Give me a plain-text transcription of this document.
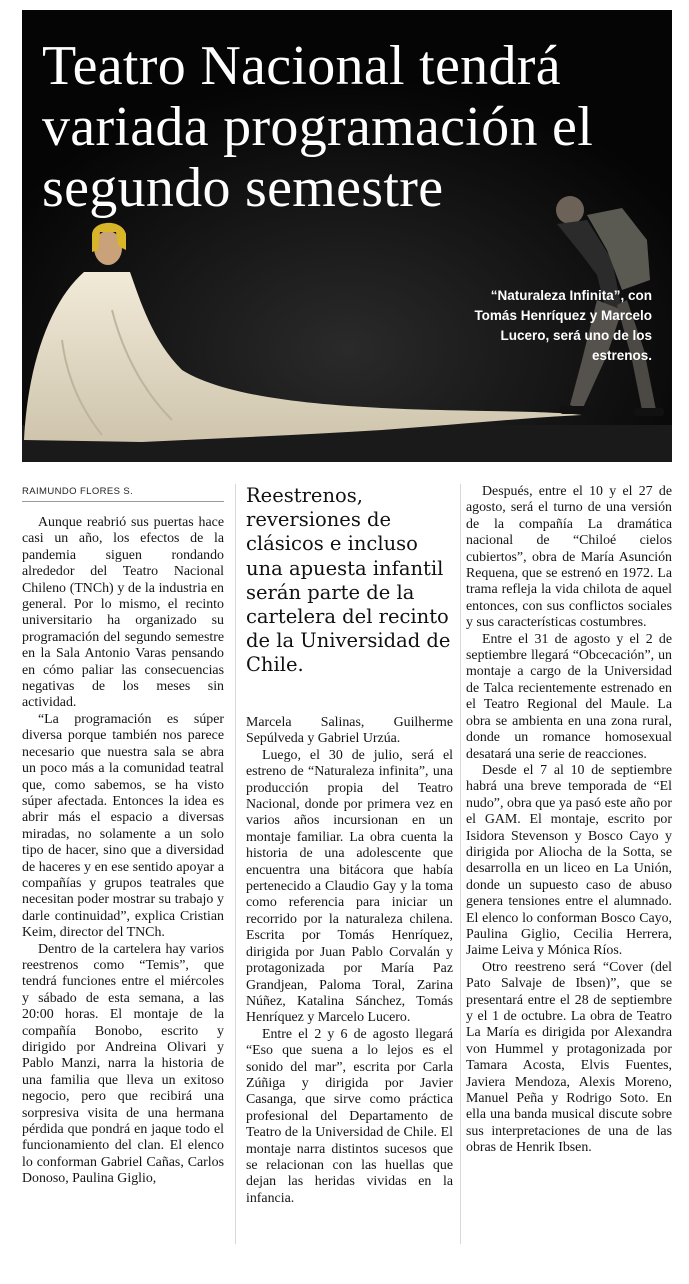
Teatro Nacional tendrá variada programación el segundo semestre

“Naturaleza Infinita”, con Tomás Henríquez y Marcelo Lucero, será uno de los estrenos.

RAIMUNDO FLORES S.

Aunque reabrió sus puertas hace casi un año, los efectos de la pandemia siguen rondando alrededor del Teatro Nacional Chileno (TNCh) y de la industria en general. Por lo mismo, el recinto universitario ha organizado su programación del segundo semestre en la Sala Antonio Varas pensando en cómo paliar las consecuencias negativas de los meses sin actividad.

“La programación es súper diversa porque también nos parece necesario que nuestra sala se abra un poco más a la comunidad teatral que, como sabemos, se ha visto súper afectada. Entonces la idea es abrir más el espacio a diversas miradas, no solamente a un solo tipo de hacer, sino que a diversidad de haceres y en ese sentido apoyar a compañías y grupos teatrales que necesitan poder mostrar su trabajo y darle continuidad”, explica Cristian Keim, director del TNCh.

Dentro de la cartelera hay varios reestrenos como “Temis”, que tendrá funciones entre el miércoles y sábado de esta semana, a las 20:00 horas. El montaje de la compañía Bonobo, escrito y dirigido por Andreina Olivari y Pablo Manzi, narra la historia de una familia que lleva un exitoso negocio, pero que recibirá una sorpresiva visita de una hermana pérdida que pondrá en jaque todo el funcionamiento del clan. El elenco lo conforman Gabriel Cañas, Carlos Donoso, Paulina Giglio,

Reestrenos, reversiones de clásicos e incluso una apuesta infantil serán parte de la cartelera del recinto de la Universidad de Chile.

Marcela Salinas, Guilherme Sepúlveda y Gabriel Urzúa.

Luego, el 30 de julio, será el estreno de “Naturaleza infinita”, una producción propia del Teatro Nacional, donde por primera vez en varios años incursionan en un montaje familiar. La obra cuenta la historia de una adolescente que encuentra una bitácora que había pertenecido a Claudio Gay y la toma como referencia para iniciar un recorrido por la naturaleza chilena. Escrita por Tomás Henríquez, dirigida por Juan Pablo Corvalán y protagonizada por María Paz Grandjean, Paloma Toral, Zarina Núñez, Katalina Sánchez, Tomás Henríquez y Marcelo Lucero.

Entre el 2 y 6 de agosto llegará “Eso que suena a lo lejos es el sonido del mar”, escrita por Carla Zúñiga y dirigida por Javier Casanga, que sirve como práctica profesional del Departamento de Teatro de la Universidad de Chile. El montaje narra distintos sucesos que se relacionan con las huellas que dejan las heridas vividas en la infancia.

Después, entre el 10 y el 27 de agosto, será el turno de una versión de la compañía La dramática nacional de “Chiloé cielos cubiertos”, obra de María Asunción Requena, que se estrenó en 1972. La trama refleja la vida chilota de aquel entonces, con sus conflictos sociales y sus características costumbres.

Entre el 31 de agosto y el 2 de septiembre llegará “Obcecación”, un montaje a cargo de la Universidad de Talca recientemente estrenado en el Teatro Regional del Maule. La obra se ambienta en una zona rural, donde un romance homosexual desatará una serie de reacciones.

Desde el 7 al 10 de septiembre habrá una breve temporada de “El nudo”, obra que ya pasó este año por el GAM. El montaje, escrito por Isidora Stevenson y Bosco Cayo y dirigida por Aliocha de la Sotta, se desarrolla en un liceo en La Unión, donde un supuesto caso de abuso genera tensiones entre el alumnado. El elenco lo conforman Bosco Cayo, Paulina Giglio, Cecilia Herrera, Jaime Leiva y Mónica Ríos.

Otro reestreno será “Cover (del Pato Salvaje de Ibsen)”, que se presentará entre el 28 de septiembre y el 1 de octubre. La obra de Teatro La María es dirigida por Alexandra von Hummel y protagonizada por Tamara Acosta, Elvis Fuentes, Javiera Mendoza, Alexis Moreno, Manuel Peña y Rodrigo Soto. En ella una banda musical discute sobre sus interpretaciones de una de las obras de Henrik Ibsen.
